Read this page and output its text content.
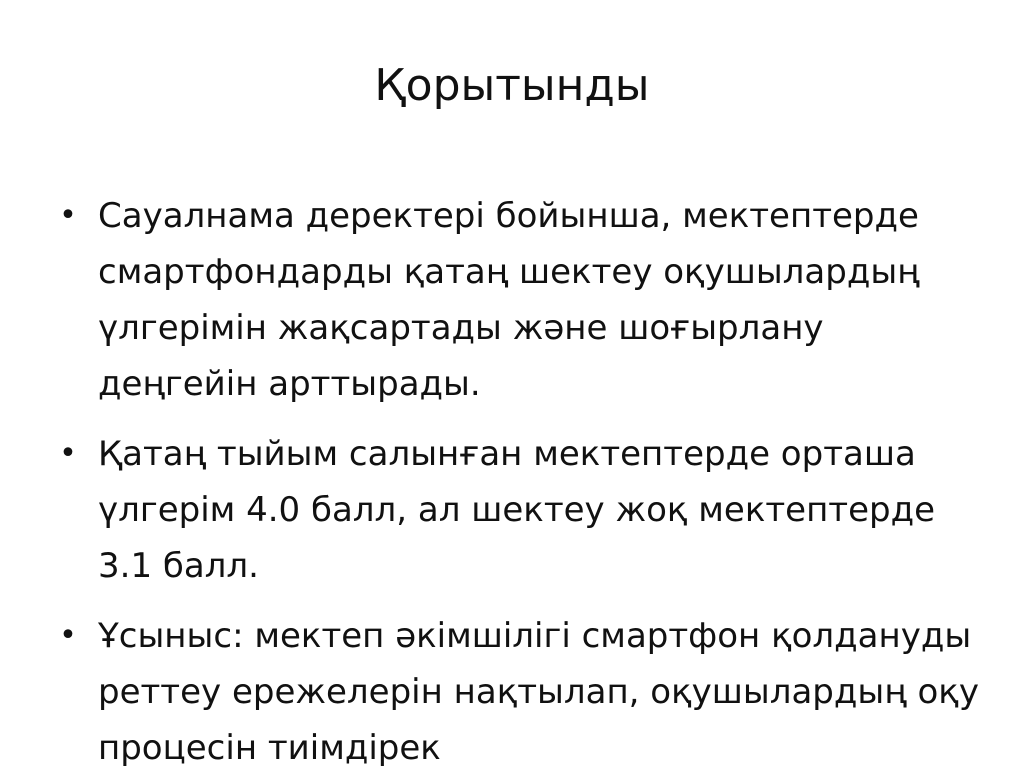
Қорытынды
• Сауалнама деректері бойынша, мектептерде смартфондарды қатаң шектеу оқушылардың үлгерімін жақсартады және шоғырлану деңгейін арттырады.
• Қатаң тыйым салынған мектептерде орташа үлгерім 4.0 балл, ал шектеу жоқ мектептерде 3.1 балл.
• Ұсыныс: мектеп әкімшілігі смартфон қолдануды реттеу ережелерін нақтылап, оқушылардың оқу процесін тиімдірек
